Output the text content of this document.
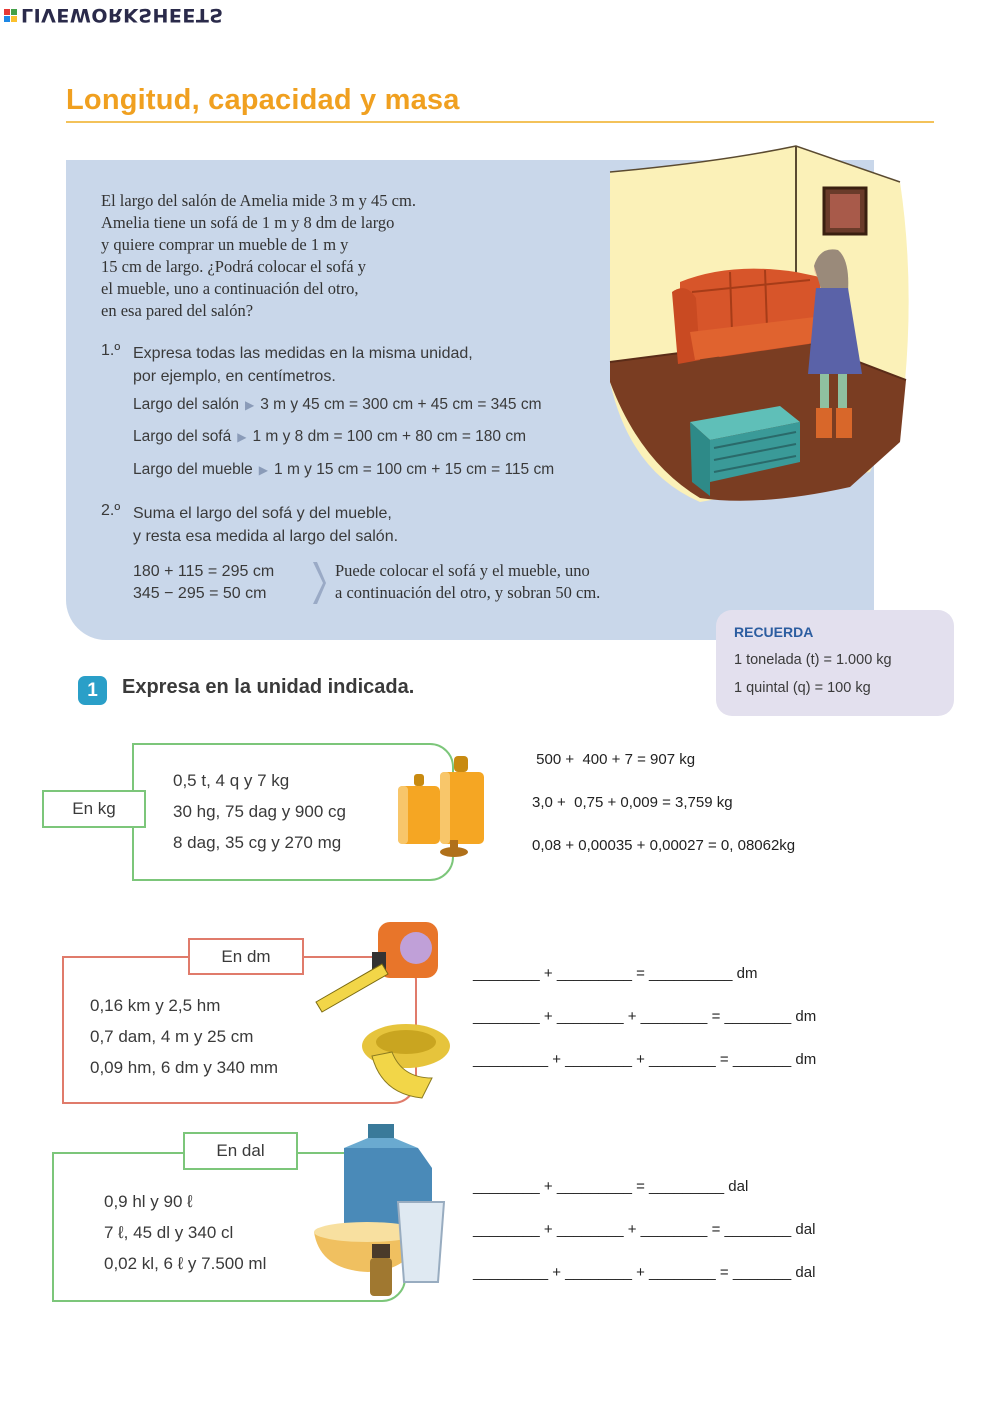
LIVEWORKSHEETS
Longitud, capacidad y masa
El largo del salón de Amelia mide 3 m y 45 cm.
Amelia tiene un sofá de 1 m y 8 dm de largo
y quiere comprar un mueble de 1 m y
15 cm de largo. ¿Podrá colocar el sofá y
el mueble, uno a continuación del otro,
en esa pared del salón?
1.º Expresa todas las medidas en la misma unidad,
por ejemplo, en centímetros.
Largo del salón ▶ 3 m y 45 cm = 300 cm + 45 cm = 345 cm
Largo del sofá ▶ 1 m y 8 dm = 100 cm + 80 cm = 180 cm
Largo del mueble ▶ 1 m y 15 cm = 100 cm + 15 cm = 115 cm
2.º Suma el largo del sofá y del mueble,
y resta esa medida al largo del salón.
180 + 115 = 295 cm
345 − 295 = 50 cm
Puede colocar el sofá y el mueble, uno
a continuación del otro, y sobran 50 cm.
RECUERDA
1 tonelada (t) = 1.000 kg
1 quintal (q) = 100 kg
1	Expresa en la unidad indicada.
En kg
0,5 t, 4 q y 7 kg
30 hg, 75 dag y 900 cg
8 dag, 35 cg y 270 mg
En dm
0,16 km y 2,5 hm
0,7 dam, 4 m y 25 cm
0,09 hm, 6 dm y 340 mm
En dal
0,9 hl y 90 ℓ
7 ℓ, 45 dl y 340 cl
0,02 kl, 6 ℓ y 7.500 ml
500 +  400 + 7 = 907 kg
3,0 +  0,75 + 0,009 = 3,759 kg
0,08 + 0,00035 + 0,00027 = 0, 08062kg
________ + _________ = __________ dm
________ + ________ + ________ = ________ dm
_________ + ________ + ________ = _______ dm
________ + _________ = _________ dal
________ + ________ + ________ = ________ dal
_________ + ________ + ________ = _______ dal
